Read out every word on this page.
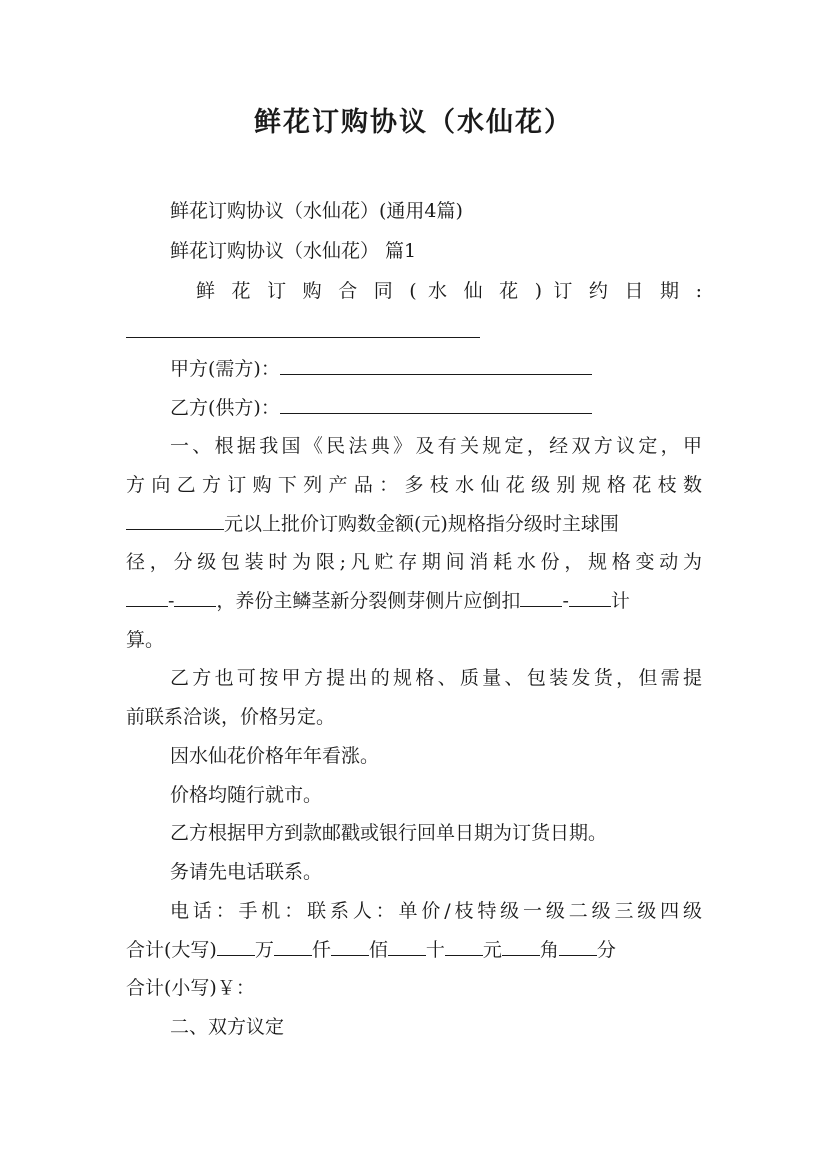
鲜花订购协议（水仙花）
鲜花订购协议（水仙花）(通用4篇)
鲜花订购协议（水仙花） 篇1
鲜 花 订 购 合 同 ( 水 仙 花 ) 订 约 日 期 :
甲方(需方)：
乙方(供方)：
一、根据我国《民法典》及有关规定，经双方议定，甲
方向乙方订购下列产品：多枝水仙花级别规格花枝数
元以上批价订购数金额(元)规格指分级时主球围
径，分级包装时为限;凡贮存期间消耗水份，规格变动为
- ，养份主鳞茎新分裂侧芽侧片应倒扣 - 计
算。
乙方也可按甲方提出的规格、质量、包装发货，但需提
前联系洽谈，价格另定。
因水仙花价格年年看涨。
价格均随行就市。
乙方根据甲方到款邮戳或银行回单日期为订货日期。
务请先电话联系。
电话：手机：联系人：单价/枝特级一级二级三级四级
合计(大写) 万 仟 佰 十 元 角 分
合计(小写)￥：
二、双方议定
